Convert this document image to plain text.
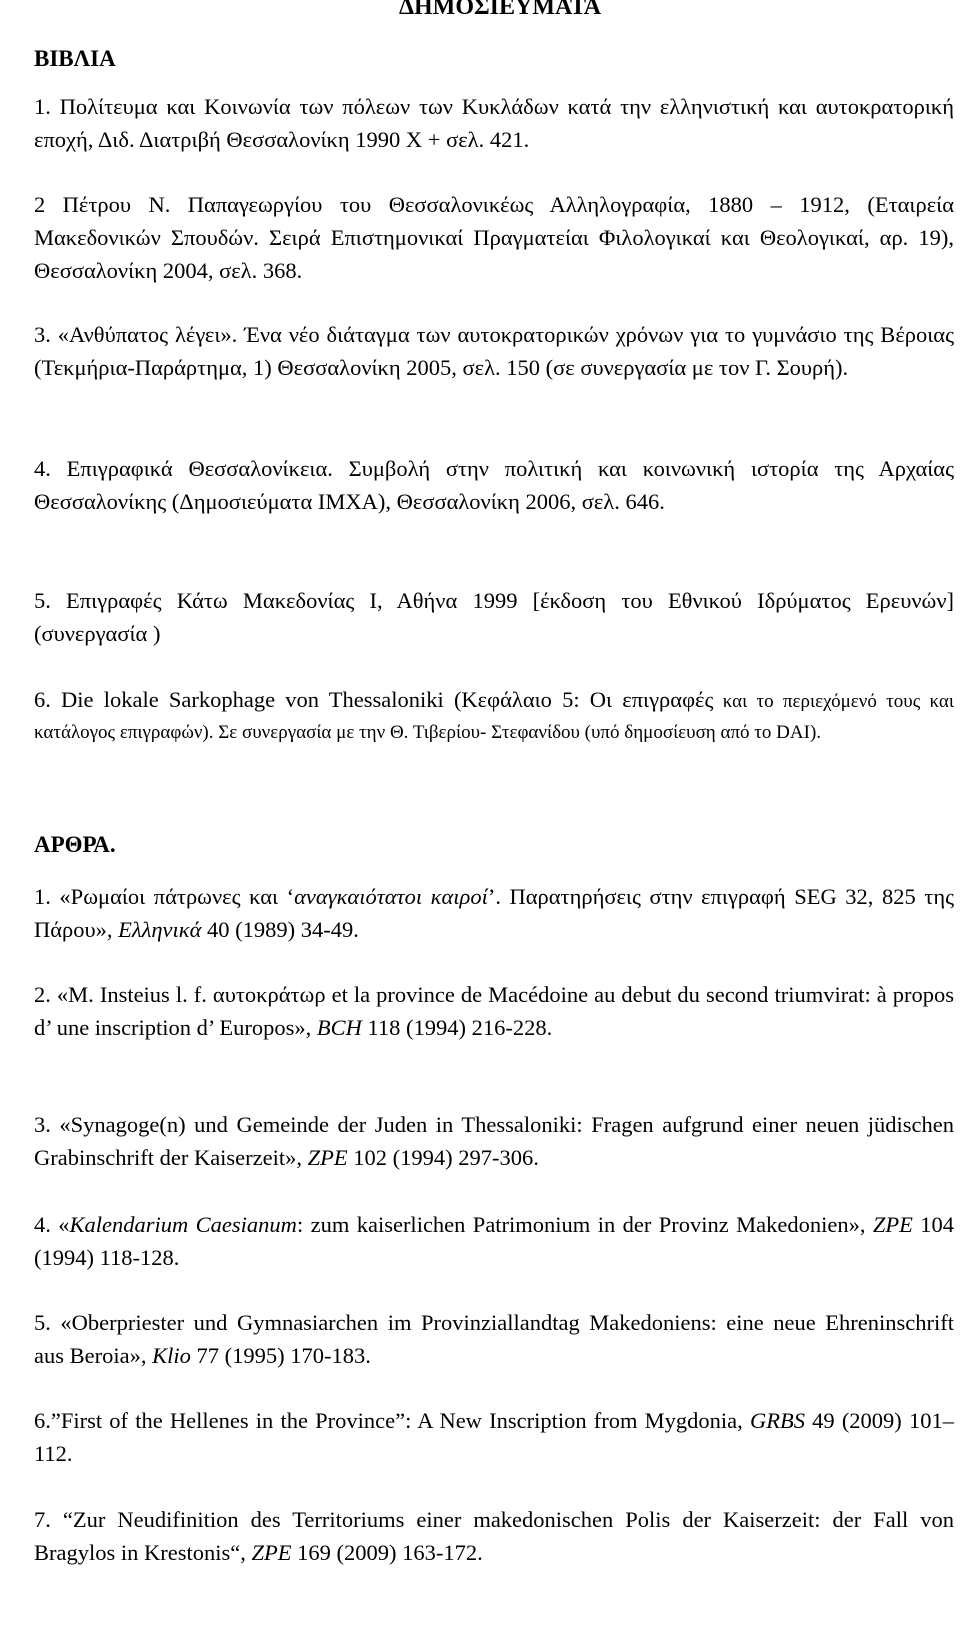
ΔΗΜΟΣΙΕΥΜΑΤΑ
ΒΙΒΛΙΑ
1. Πολίτευμα και Κοινωνία των πόλεων των Κυκλάδων κατά την ελληνιστική και αυτοκρατορική εποχή, Διδ. Διατριβή Θεσσαλονίκη 1990 Χ + σελ. 421.
2 Πέτρου Ν. Παπαγεωργίου του Θεσσαλονικέως Αλληλογραφία, 1880 – 1912, (Εταιρεία Μακεδονικών Σπουδών. Σειρά Επιστημονικαί Πραγματείαι Φιλολογικαί και Θεολογικαί, αρ. 19), Θεσσαλονίκη 2004, σελ. 368.
3. «Ανθύπατος λέγει». Ένα νέο διάταγμα των αυτοκρατορικών χρόνων για το γυμνάσιο της Βέροιας (Τεκμήρια-Παράρτημα, 1) Θεσσαλονίκη 2005, σελ. 150 (σε συνεργασία με τον Γ. Σουρή).
4. Επιγραφικά Θεσσαλονίκεια. Συμβολή στην πολιτική και κοινωνική ιστορία της Αρχαίας Θεσσαλονίκης (Δημοσιεύματα ΙΜΧΑ), Θεσσαλονίκη 2006, σελ. 646.
5. Επιγραφές Κάτω Μακεδονίας Ι, Αθήνα 1999 [έκδοση του Εθνικού Ιδρύματος Ερευνών] (συνεργασία )
6. Die lokale Sarkophage von Thessaloniki (Κεφάλαιο 5: Οι επιγραφές και το περιεχόμενό τους και κατάλογος επιγραφών). Σε συνεργασία με την Θ. Τιβερίου- Στεφανίδου (υπό δημοσίευση από το DAI).
ΑΡΘΡΑ.
1. «Ρωμαίοι πάτρωνες και ‘αναγκαιότατοι καιροί’. Παρατηρήσεις στην επιγραφή SEG 32, 825 της Πάρου», Ελληνικά 40 (1989) 34-49.
2. «M. Insteius l. f. αυτοκράτωρ et la province de Macédoine au debut du second triumvirat: à propos d’ une inscription d’ Europos», BCH 118 (1994) 216-228.
3. «Synagoge(n) und Gemeinde der Juden in Thessaloniki: Fragen aufgrund einer neuen jüdischen Grabinschrift der Kaiserzeit», ZPE 102 (1994) 297-306.
4. «Kalendarium Caesianum: zum kaiserlichen Patrimonium in der Provinz Makedonien», ZPE 104 (1994) 118-128.
5. «Oberpriester und Gymnasiarchen im Provinziallandtag Makedoniens: eine neue Ehreninschrift aus Beroia», Klio 77 (1995) 170-183.
6.”First of the Hellenes in the Province”: A New Inscription from Mygdonia, GRBS 49 (2009) 101–112.
7. “Zur Neudifinition des Territoriums einer makedonischen Polis der Kaiserzeit: der Fall von Bragylos in Krestonis“, ZPE 169 (2009) 163-172.
